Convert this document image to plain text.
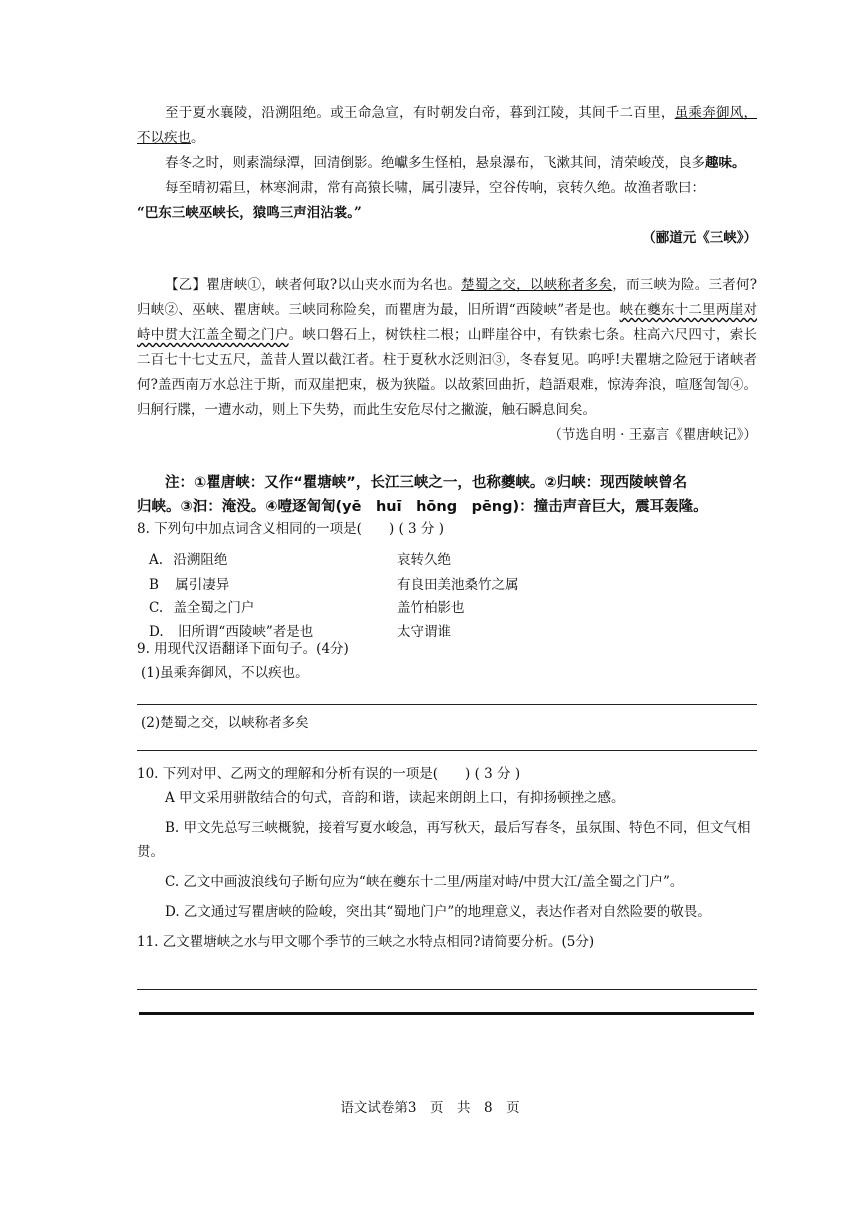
至于夏水襄陵，沿溯阻绝。或王命急宣，有时朝发白帝，暮到江陵，其间千二百里，虽乘奔御风，不以疾也。

春冬之时，则素湍绿潭，回清倒影。绝巘多生怪柏，悬泉瀑布，飞漱其间，清荣峻茂，良多趣味。

每至晴初霜旦，林寒涧肃，常有高猿长啸，属引凄异，空谷传响，哀转久绝。故渔者歌曰：

“巴东三峡巫峡长，猿鸣三声泪沾裳。”

（郦道元《三峡》）

【乙】瞿唐峡①，峡者何取?以山夹水而为名也。楚蜀之交，以峡称者多矣，而三峡为险。三者何?归峡②、巫峡、瞿唐峡。三峡同称险矣，而瞿唐为最，旧所谓“西陵峡”者是也。峡在夔东十二里两崖对峙中贯大江盖全蜀之门户。峡口磐石上，树铁柱二根；山畔崖谷中，有铁索七条。柱高六尺四寸，索长二百七十七丈五尺，盖昔人置以截江者。柱于夏秋水泛则汩③，冬春复见。呜呼!夫瞿塘之险冠于诸峡者何?盖西南万水总注于斯，而双崖把束，极为狭隘。以故萦回曲折，趋語艰难，惊涛奔浪，喧豗訇訇④。归舸行牒，一遭水动，则上下失势，而此生安危尽付之撇漩，触石瞬息间矣。

（节选自明 · 王嘉言《瞿唐峡记》）

注：①瞿唐峡：又作“瞿塘峡”，长江三峡之一，也称夔峡。②归峡：现西陵峡曾名

归峡。③汩：淹没。④噎逐訇訇(yē　huī　hōng　pēng)：撞击声音巨大，震耳轰隆。

8. 下列句中加点词含义相同的一项是(　　) ( 3 分 )

A. 沿溯阻绝	哀转久绝
B 属引凄异	有良田美池桑竹之属
C. 盖全蜀之门户	盖竹柏影也
D. 旧所谓“西陵峡”者是也	太守谓谁

9. 用现代汉语翻译下面句子。(4分)

(1)虽乘奔御风，不以疾也。
(2)楚蜀之交，以峡称者多矣

10. 下列对甲、乙两文的理解和分析有误的一项是(　　) ( 3 分 )

A 甲文采用骈散结合的句式，音韵和谐，读起来朗朗上口，有抑扬顿挫之感。

B. 甲文先总写三峡概貌，接着写夏水峻急，再写秋天，最后写春冬，虽氛围、特色不同，但文气相贯。

C. 乙文中画波浪线句子断句应为“峡在夔东十二里/两崖对峙/中贯大江/盖全蜀之门户”。

D. 乙文通过写瞿唐峡的险峻，突出其“蜀地门户”的地理意义，表达作者对自然险要的敬畏。

11. 乙文瞿塘峡之水与甲文哪个季节的三峡之水特点相同?请简要分析。(5分)

语文试卷第3　页　共　8　页
